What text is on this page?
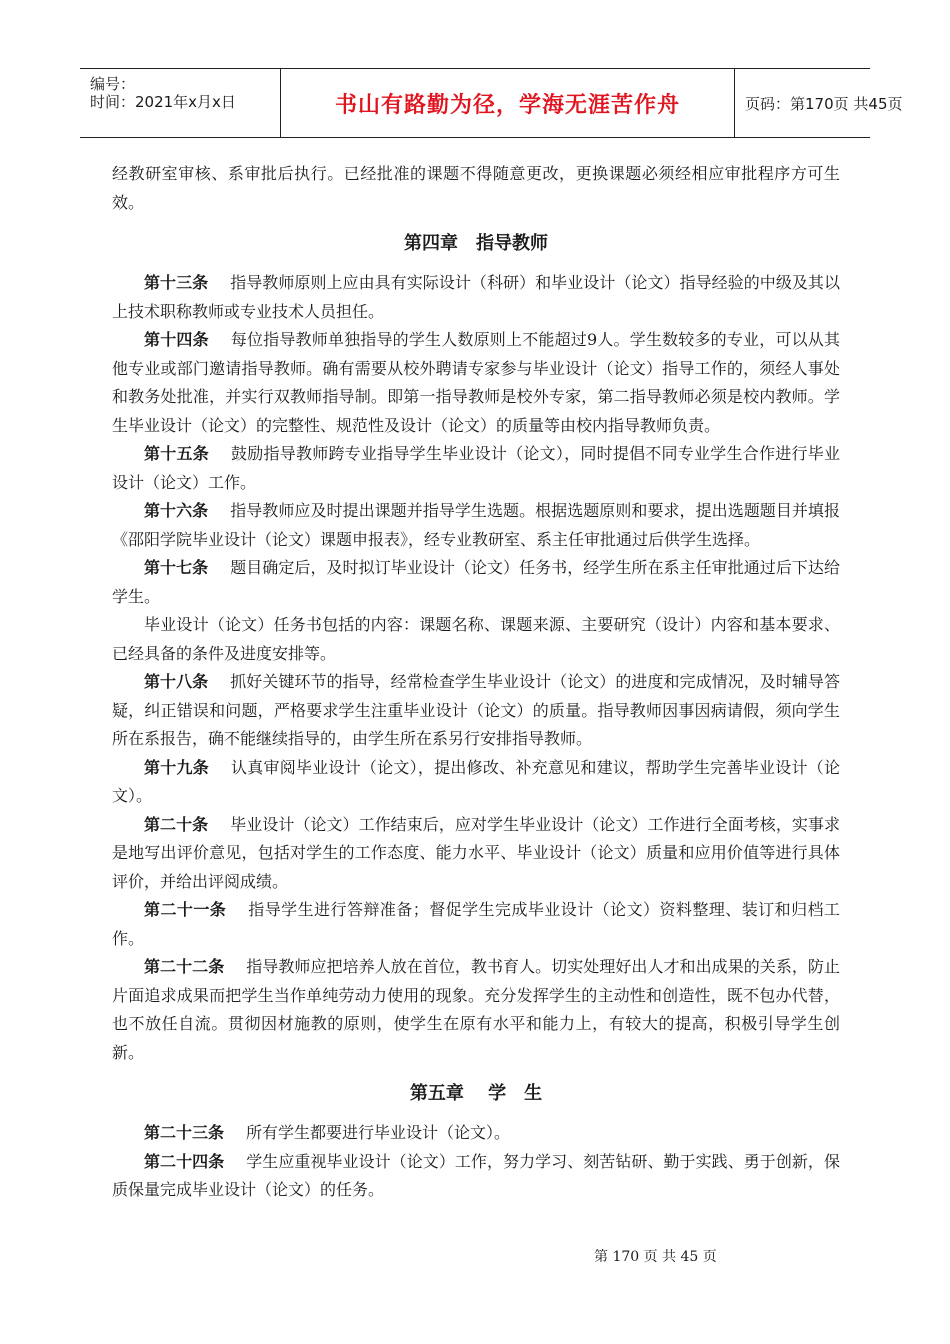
编号：
时间：2021年x月x日	书山有路勤为径，学海无涯苦作舟	页码：第170页 共45页

经教研室审核、系审批后执行。已经批准的课题不得随意更改，更换课题必须经相应审批程序方可生效。

第四章　指导教师

第十三条 指导教师原则上应由具有实际设计（科研）和毕业设计（论文）指导经验的中级及其以上技术职称教师或专业技术人员担任。

第十四条 每位指导教师单独指导的学生人数原则上不能超过9人。学生数较多的专业，可以从其他专业或部门邀请指导教师。确有需要从校外聘请专家参与毕业设计（论文）指导工作的，须经人事处和教务处批准，并实行双教师指导制。即第一指导教师是校外专家，第二指导教师必须是校内教师。学生毕业设计（论文）的完整性、规范性及设计（论文）的质量等由校内指导教师负责。

第十五条 鼓励指导教师跨专业指导学生毕业设计（论文），同时提倡不同专业学生合作进行毕业设计（论文）工作。

第十六条 指导教师应及时提出课题并指导学生选题。根据选题原则和要求，提出选题题目并填报《邵阳学院毕业设计（论文）课题申报表》，经专业教研室、系主任审批通过后供学生选择。

第十七条 题目确定后，及时拟订毕业设计（论文）任务书，经学生所在系主任审批通过后下达给学生。

毕业设计（论文）任务书包括的内容：课题名称、课题来源、主要研究（设计）内容和基本要求、已经具备的条件及进度安排等。

第十八条 抓好关键环节的指导，经常检查学生毕业设计（论文）的进度和完成情况，及时辅导答疑，纠正错误和问题，严格要求学生注重毕业设计（论文）的质量。指导教师因事因病请假，须向学生所在系报告，确不能继续指导的，由学生所在系另行安排指导教师。

第十九条 认真审阅毕业设计（论文），提出修改、补充意见和建议，帮助学生完善毕业设计（论文）。

第二十条 毕业设计（论文）工作结束后，应对学生毕业设计（论文）工作进行全面考核，实事求是地写出评价意见，包括对学生的工作态度、能力水平、毕业设计（论文）质量和应用价值等进行具体评价，并给出评阅成绩。

第二十一条 指导学生进行答辩准备；督促学生完成毕业设计（论文）资料整理、装订和归档工作。

第二十二条 指导教师应把培养人放在首位，教书育人。切实处理好出人才和出成果的关系，防止片面追求成果而把学生当作单纯劳动力使用的现象。充分发挥学生的主动性和创造性，既不包办代替，也不放任自流。贯彻因材施教的原则，使学生在原有水平和能力上，有较大的提高，积极引导学生创新。

第五章　 学　生

第二十三条 所有学生都要进行毕业设计（论文）。

第二十四条 学生应重视毕业设计（论文）工作，努力学习、刻苦钻研、勤于实践、勇于创新，保质保量完成毕业设计（论文）的任务。

第 170 页 共 45 页
